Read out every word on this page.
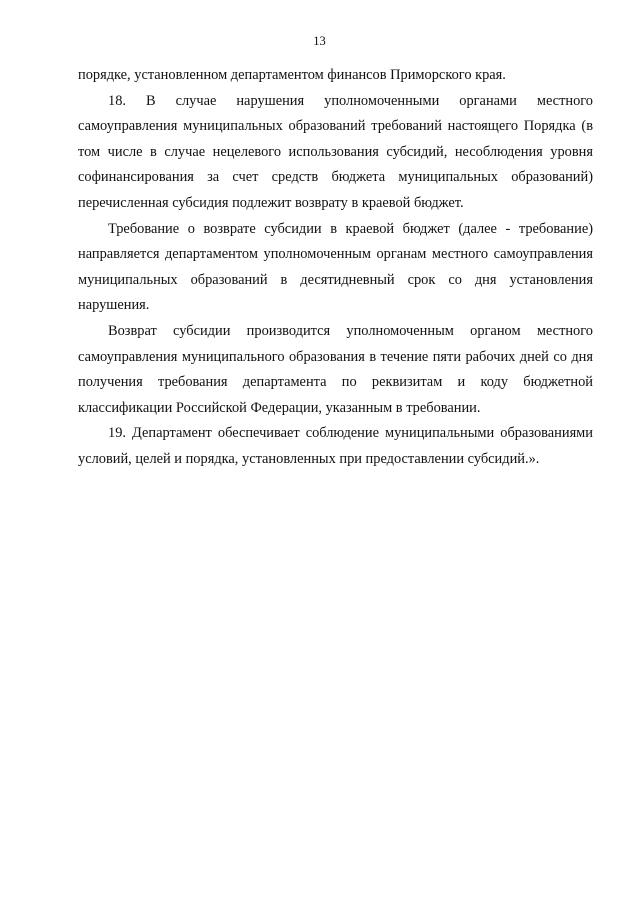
13

порядке, установленном департаментом финансов Приморского края.

18. В случае нарушения уполномоченными органами местного самоуправления муниципальных образований требований настоящего Порядка (в том числе в случае нецелевого использования субсидий, несоблюдения уровня софинансирования за счет средств бюджета муниципальных образований) перечисленная субсидия подлежит возврату в краевой бюджет.

Требование о возврате субсидии в краевой бюджет (далее - требование) направляется департаментом уполномоченным органам местного самоуправления муниципальных образований в десятидневный срок со дня установления нарушения.

Возврат субсидии производится уполномоченным органом местного самоуправления муниципального образования в течение пяти рабочих дней со дня получения требования департамента по реквизитам и коду бюджетной классификации Российской Федерации, указанным в требовании.

19. Департамент обеспечивает соблюдение муниципальными образованиями условий, целей и порядка, установленных при предоставлении субсидий.».
